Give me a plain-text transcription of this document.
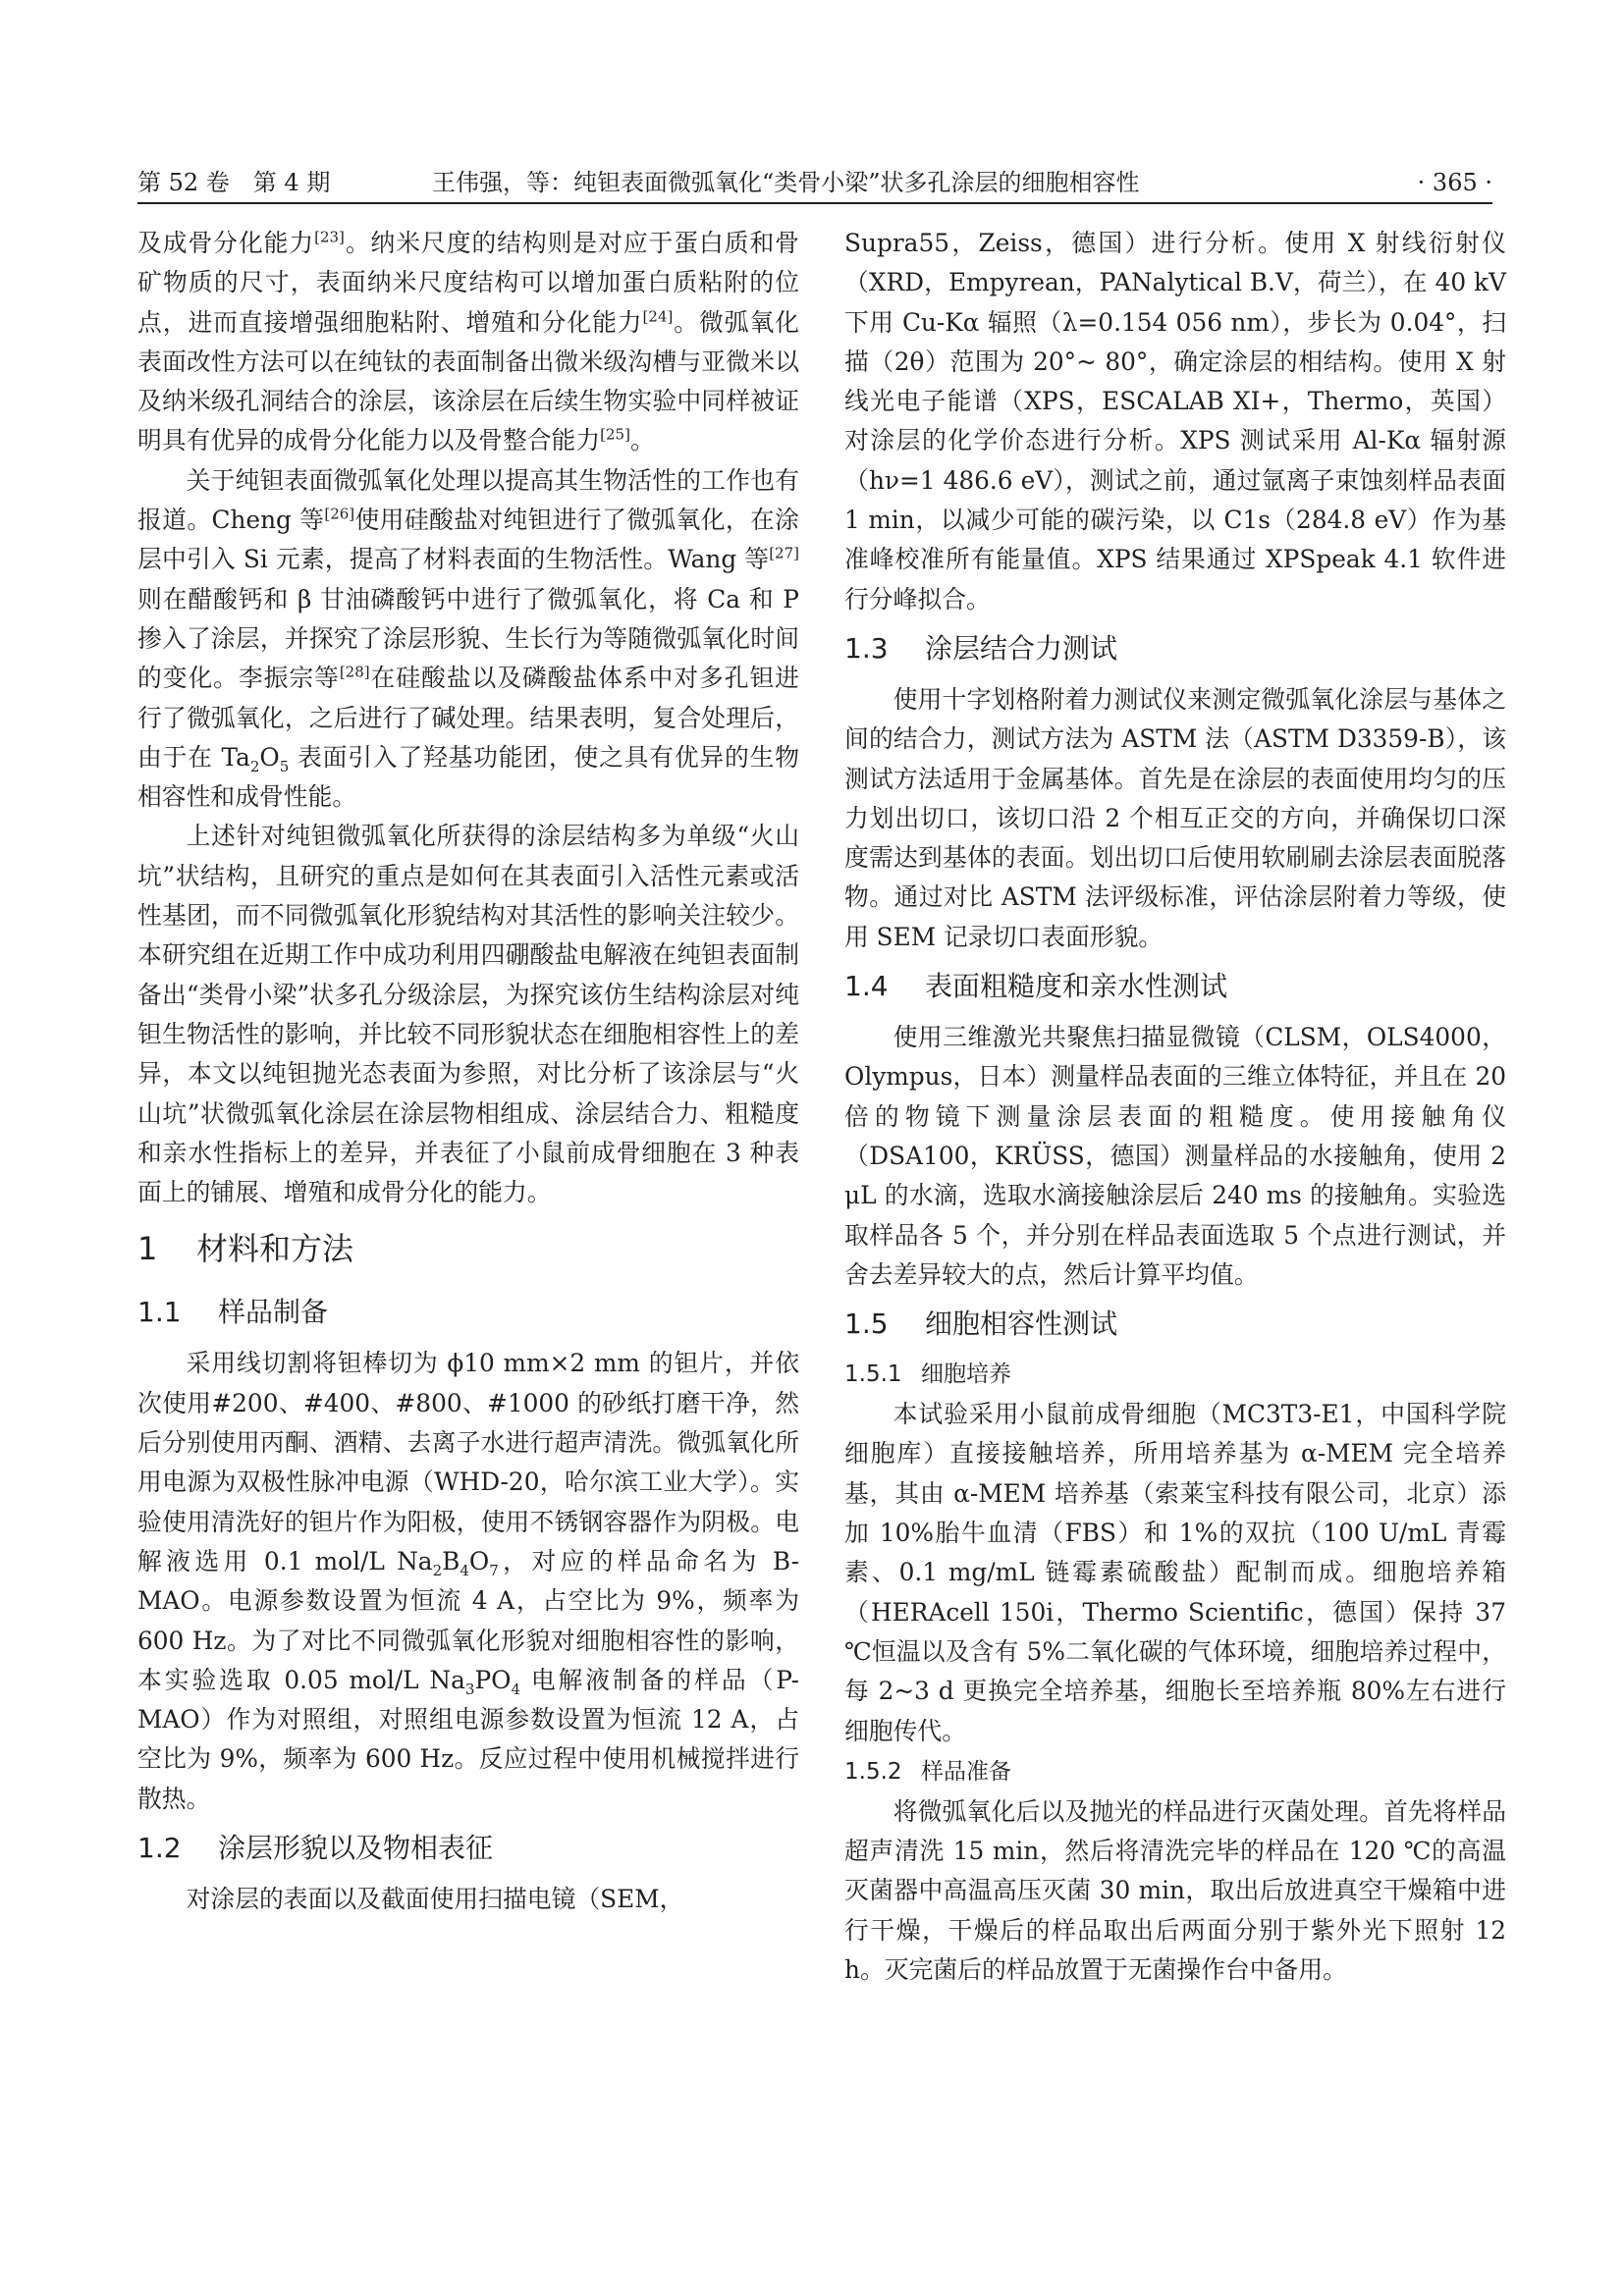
第 52 卷　第 4 期	王伟强，等：纯钽表面微弧氧化“类骨小梁”状多孔涂层的细胞相容性	· 365 ·

及成骨分化能力[23]。纳米尺度的结构则是对应于蛋白质和骨矿物质的尺寸，表面纳米尺度结构可以增加蛋白质粘附的位点，进而直接增强细胞粘附、增殖和分化能力[24]。微弧氧化表面改性方法可以在纯钛的表面制备出微米级沟槽与亚微米以及纳米级孔洞结合的涂层，该涂层在后续生物实验中同样被证明具有优异的成骨分化能力以及骨整合能力[25]。

关于纯钽表面微弧氧化处理以提高其生物活性的工作也有报道。Cheng 等[26]使用硅酸盐对纯钽进行了微弧氧化，在涂层中引入 Si 元素，提高了材料表面的生物活性。Wang 等[27]则在醋酸钙和 β 甘油磷酸钙中进行了微弧氧化，将 Ca 和 P 掺入了涂层，并探究了涂层形貌、生长行为等随微弧氧化时间的变化。李振宗等[28]在硅酸盐以及磷酸盐体系中对多孔钽进行了微弧氧化，之后进行了碱处理。结果表明，复合处理后，由于在 $Ta_2O_5$ 表面引入了羟基功能团，使之具有优异的生物相容性和成骨性能。

上述针对纯钽微弧氧化所获得的涂层结构多为单级“火山坑”状结构，且研究的重点是如何在其表面引入活性元素或活性基团，而不同微弧氧化形貌结构对其活性的影响关注较少。本研究组在近期工作中成功利用四硼酸盐电解液在纯钽表面制备出“类骨小梁”状多孔分级涂层，为探究该仿生结构涂层对纯钽生物活性的影响，并比较不同形貌状态在细胞相容性上的差异，本文以纯钽抛光态表面为参照，对比分析了该涂层与“火山坑”状微弧氧化涂层在涂层物相组成、涂层结合力、粗糙度和亲水性指标上的差异，并表征了小鼠前成骨细胞在 3 种表面上的铺展、增殖和成骨分化的能力。

1 材料和方法
1.1 样品制备

采用线切割将钽棒切为 ϕ10 mm×2 mm 的钽片，并依次使用#200、#400、#800、#1000 的砂纸打磨干净，然后分别使用丙酮、酒精、去离子水进行超声清洗。微弧氧化所用电源为双极性脉冲电源（WHD-20，哈尔滨工业大学）。实验使用清洗好的钽片作为阳极，使用不锈钢容器作为阴极。电解液选用 0.1 mol/L $Na_2B_4O_7$，对应的样品命名为 B-MAO。电源参数设置为恒流 4 A，占空比为 9%，频率为 600 Hz。为了对比不同微弧氧化形貌对细胞相容性的影响，本实验选取 0.05 mol/L $Na_3PO_4$ 电解液制备的样品（P-MAO）作为对照组，对照组电源参数设置为恒流 12 A，占空比为 9%，频率为 600 Hz。反应过程中使用机械搅拌进行散热。

1.2 涂层形貌以及物相表征

对涂层的表面以及截面使用扫描电镜（SEM，

Supra55，Zeiss，德国）进行分析。使用 X 射线衍射仪（XRD，Empyrean，PANalytical B.V，荷兰），在 40 kV 下用 Cu-Kα 辐照（λ=0.154 056 nm），步长为 0.04°，扫描（2θ）范围为 20°~ 80°，确定涂层的相结构。使用 X 射线光电子能谱（XPS，ESCALAB XI+，Thermo，英国）对涂层的化学价态进行分析。XPS 测试采用 Al-Kα 辐射源（hν=1 486.6 eV），测试之前，通过氩离子束蚀刻样品表面 1 min，以减少可能的碳污染，以 C1s（284.8 eV）作为基准峰校准所有能量值。XPS 结果通过 XPSpeak 4.1 软件进行分峰拟合。

1.3 涂层结合力测试

使用十字划格附着力测试仪来测定微弧氧化涂层与基体之间的结合力，测试方法为 ASTM 法（ASTM D3359-B），该测试方法适用于金属基体。首先是在涂层的表面使用均匀的压力划出切口，该切口沿 2 个相互正交的方向，并确保切口深度需达到基体的表面。划出切口后使用软刷刷去涂层表面脱落物。通过对比 ASTM 法评级标准，评估涂层附着力等级，使用 SEM 记录切口表面形貌。

1.4 表面粗糙度和亲水性测试

使用三维激光共聚焦扫描显微镜（CLSM，OLS4000，Olympus，日本）测量样品表面的三维立体特征，并且在 20 倍的物镜下测量涂层表面的粗糙度。使用接触角仪（DSA100，KRÜSS，德国）测量样品的水接触角，使用 2 μL 的水滴，选取水滴接触涂层后 240 ms 的接触角。实验选取样品各 5 个，并分别在样品表面选取 5 个点进行测试，并舍去差异较大的点，然后计算平均值。

1.5 细胞相容性测试
1.5.1 细胞培养

本试验采用小鼠前成骨细胞（MC3T3-E1，中国科学院细胞库）直接接触培养，所用培养基为 α-MEM 完全培养基，其由 α-MEM 培养基（索莱宝科技有限公司，北京）添加 10%胎牛血清（FBS）和 1%的双抗（100 U/mL 青霉素、0.1 mg/mL 链霉素硫酸盐）配制而成。细胞培养箱（HERAcell 150i，Thermo Scientific，德国）保持 37 ℃恒温以及含有 5%二氧化碳的气体环境，细胞培养过程中，每 2~3 d 更换完全培养基，细胞长至培养瓶 80%左右进行细胞传代。

1.5.2 样品准备

将微弧氧化后以及抛光的样品进行灭菌处理。首先将样品超声清洗 15 min，然后将清洗完毕的样品在 120 ℃的高温灭菌器中高温高压灭菌 30 min，取出后放进真空干燥箱中进行干燥，干燥后的样品取出后两面分别于紫外光下照射 12 h。灭完菌后的样品放置于无菌操作台中备用。
